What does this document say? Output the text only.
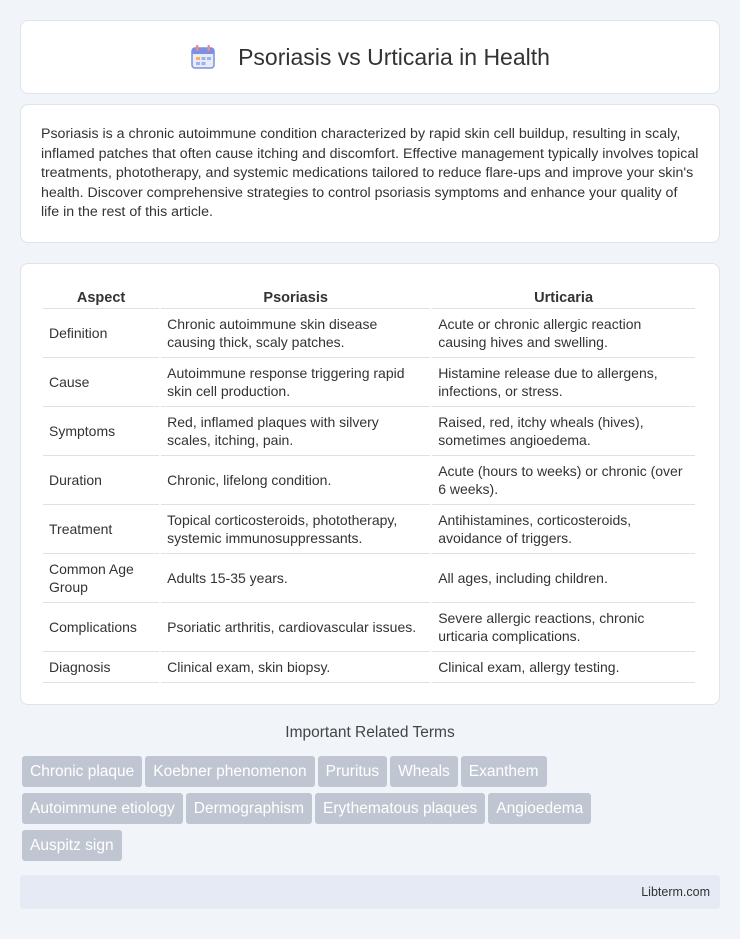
Psoriasis vs Urticaria in Health

Psoriasis is a chronic autoimmune condition characterized by rapid skin cell buildup, resulting in scaly, inflamed patches that often cause itching and discomfort. Effective management typically involves topical treatments, phototherapy, and systemic medications tailored to reduce flare-ups and improve your skin's health. Discover comprehensive strategies to control psoriasis symptoms and enhance your quality of life in the rest of this article.

Aspect	Psoriasis	Urticaria
Definition	Chronic autoimmune skin disease causing thick, scaly patches.	Acute or chronic allergic reaction causing hives and swelling.
Cause	Autoimmune response triggering rapid skin cell production.	Histamine release due to allergens, infections, or stress.
Symptoms	Red, inflamed plaques with silvery scales, itching, pain.	Raised, red, itchy wheals (hives), sometimes angioedema.
Duration	Chronic, lifelong condition.	Acute (hours to weeks) or chronic (over 6 weeks).
Treatment	Topical corticosteroids, phototherapy, systemic immunosuppressants.	Antihistamines, corticosteroids, avoidance of triggers.
Common Age Group	Adults 15-35 years.	All ages, including children.
Complications	Psoriatic arthritis, cardiovascular issues.	Severe allergic reactions, chronic urticaria complications.
Diagnosis	Clinical exam, skin biopsy.	Clinical exam, allergy testing.
Important Related Terms
Chronic plaque Koebner phenomenon Pruritus Wheals Exanthem
Autoimmune etiology Dermographism Erythematous plaques Angioedema
Auspitz sign
Libterm.com
